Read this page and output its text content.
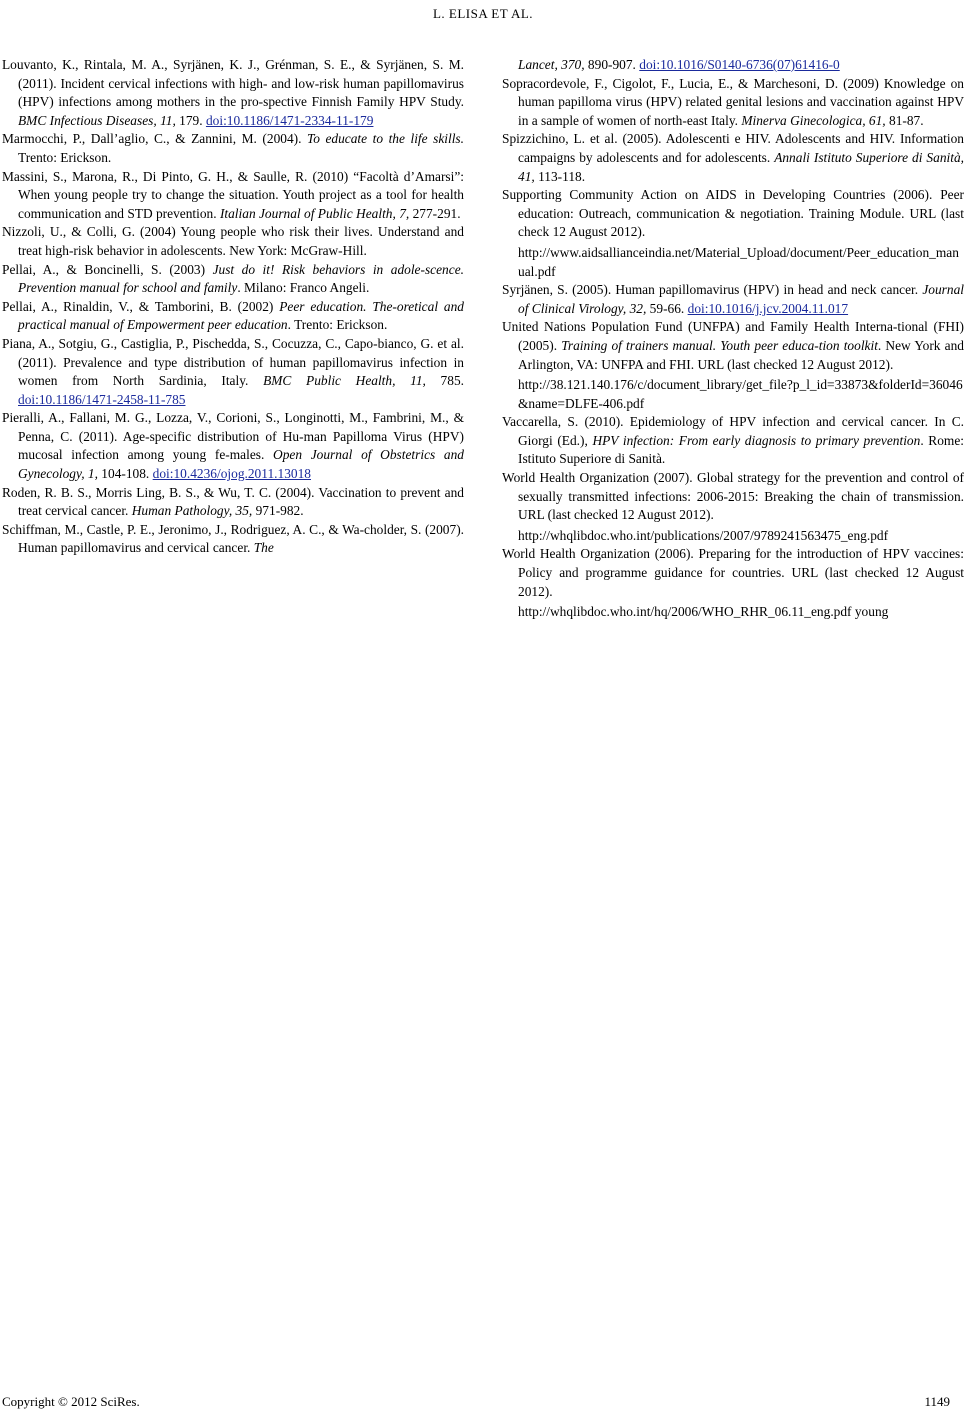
L. ELISA ET AL.

Louvanto, K., Rintala, M. A., Syrjänen, K. J., Grénman, S. E., & Syrjänen, S. M. (2011). Incident cervical infections with high- and low-risk human papillomavirus (HPV) infections among mothers in the pro-spective Finnish Family HPV Study. BMC Infectious Diseases, 11, 179. doi:10.1186/1471-2334-11-179

Marmocchi, P., Dall’aglio, C., & Zannini, M. (2004). To educate to the life skills. Trento: Erickson.

Massini, S., Marona, R., Di Pinto, G. H., & Saulle, R. (2010) “Facoltà d’Amarsi”: When young people try to change the situation. Youth project as a tool for health communication and STD prevention. Italian Journal of Public Health, 7, 277-291.

Nizzoli, U., & Colli, G. (2004) Young people who risk their lives. Understand and treat high-risk behavior in adolescents. New York: McGraw-Hill.

Pellai, A., & Boncinelli, S. (2003) Just do it! Risk behaviors in adole-scence. Prevention manual for school and family. Milano: Franco Angeli.

Pellai, A., Rinaldin, V., & Tamborini, B. (2002) Peer education. The-oretical and practical manual of Empowerment peer education. Trento: Erickson.

Piana, A., Sotgiu, G., Castiglia, P., Pischedda, S., Cocuzza, C., Capo-bianco, G. et al. (2011). Prevalence and type distribution of human papillomavirus infection in women from North Sardinia, Italy. BMC Public Health, 11, 785. doi:10.1186/1471-2458-11-785

Pieralli, A., Fallani, M. G., Lozza, V., Corioni, S., Longinotti, M., Fambrini, M., & Penna, C. (2011). Age-specific distribution of Hu-man Papilloma Virus (HPV) mucosal infection among young fe-males. Open Journal of Obstetrics and Gynecology, 1, 104-108. doi:10.4236/ojog.2011.13018

Roden, R. B. S., Morris Ling, B. S., & Wu, T. C. (2004). Vaccination to prevent and treat cervical cancer. Human Pathology, 35, 971-982.

Schiffman, M., Castle, P. E., Jeronimo, J., Rodriguez, A. C., & Wa-cholder, S. (2007). Human papillomavirus and cervical cancer. The

Lancet, 370, 890-907. doi:10.1016/S0140-6736(07)61416-0

Sopracordevole, F., Cigolot, F., Lucia, E., & Marchesoni, D. (2009) Knowledge on human papilloma virus (HPV) related genital lesions and vaccination against HPV in a sample of women of north-east Italy. Minerva Ginecologica, 61, 81-87.

Spizzichino, L. et al. (2005). Adolescenti e HIV. Adolescents and HIV. Information campaigns by adolescents and for adolescents. Annali Istituto Superiore di Sanità, 41, 113-118.

Supporting Community Action on AIDS in Developing Countries (2006). Peer education: Outreach, communication & negotiation. Training Module. URL (last check 12 August 2012).
http://www.aidsallianceindia.net/Material_Upload/document/Peer_education_manual.pdf

Syrjänen, S. (2005). Human papillomavirus (HPV) in head and neck cancer. Journal of Clinical Virology, 32, 59-66. doi:10.1016/j.jcv.2004.11.017

United Nations Population Fund (UNFPA) and Family Health Interna-tional (FHI) (2005). Training of trainers manual. Youth peer educa-tion toolkit. New York and Arlington, VA: UNFPA and FHI. URL (last checked 12 August 2012).
http://38.121.140.176/c/document_library/get_file?p_l_id=33873&folderId=36046&name=DLFE-406.pdf

Vaccarella, S. (2010). Epidemiology of HPV infection and cervical cancer. In C. Giorgi (Ed.), HPV infection: From early diagnosis to primary prevention. Rome: Istituto Superiore di Sanità.

World Health Organization (2007). Global strategy for the prevention and control of sexually transmitted infections: 2006-2015: Breaking the chain of transmission. URL (last checked 12 August 2012).
http://whqlibdoc.who.int/publications/2007/9789241563475_eng.pdf

World Health Organization (2006). Preparing for the introduction of HPV vaccines: Policy and programme guidance for countries. URL (last checked 12 August 2012).
http://whqlibdoc.who.int/hq/2006/WHO_RHR_06.11_eng.pdf young

Copyright © 2012 SciRes.	1149
